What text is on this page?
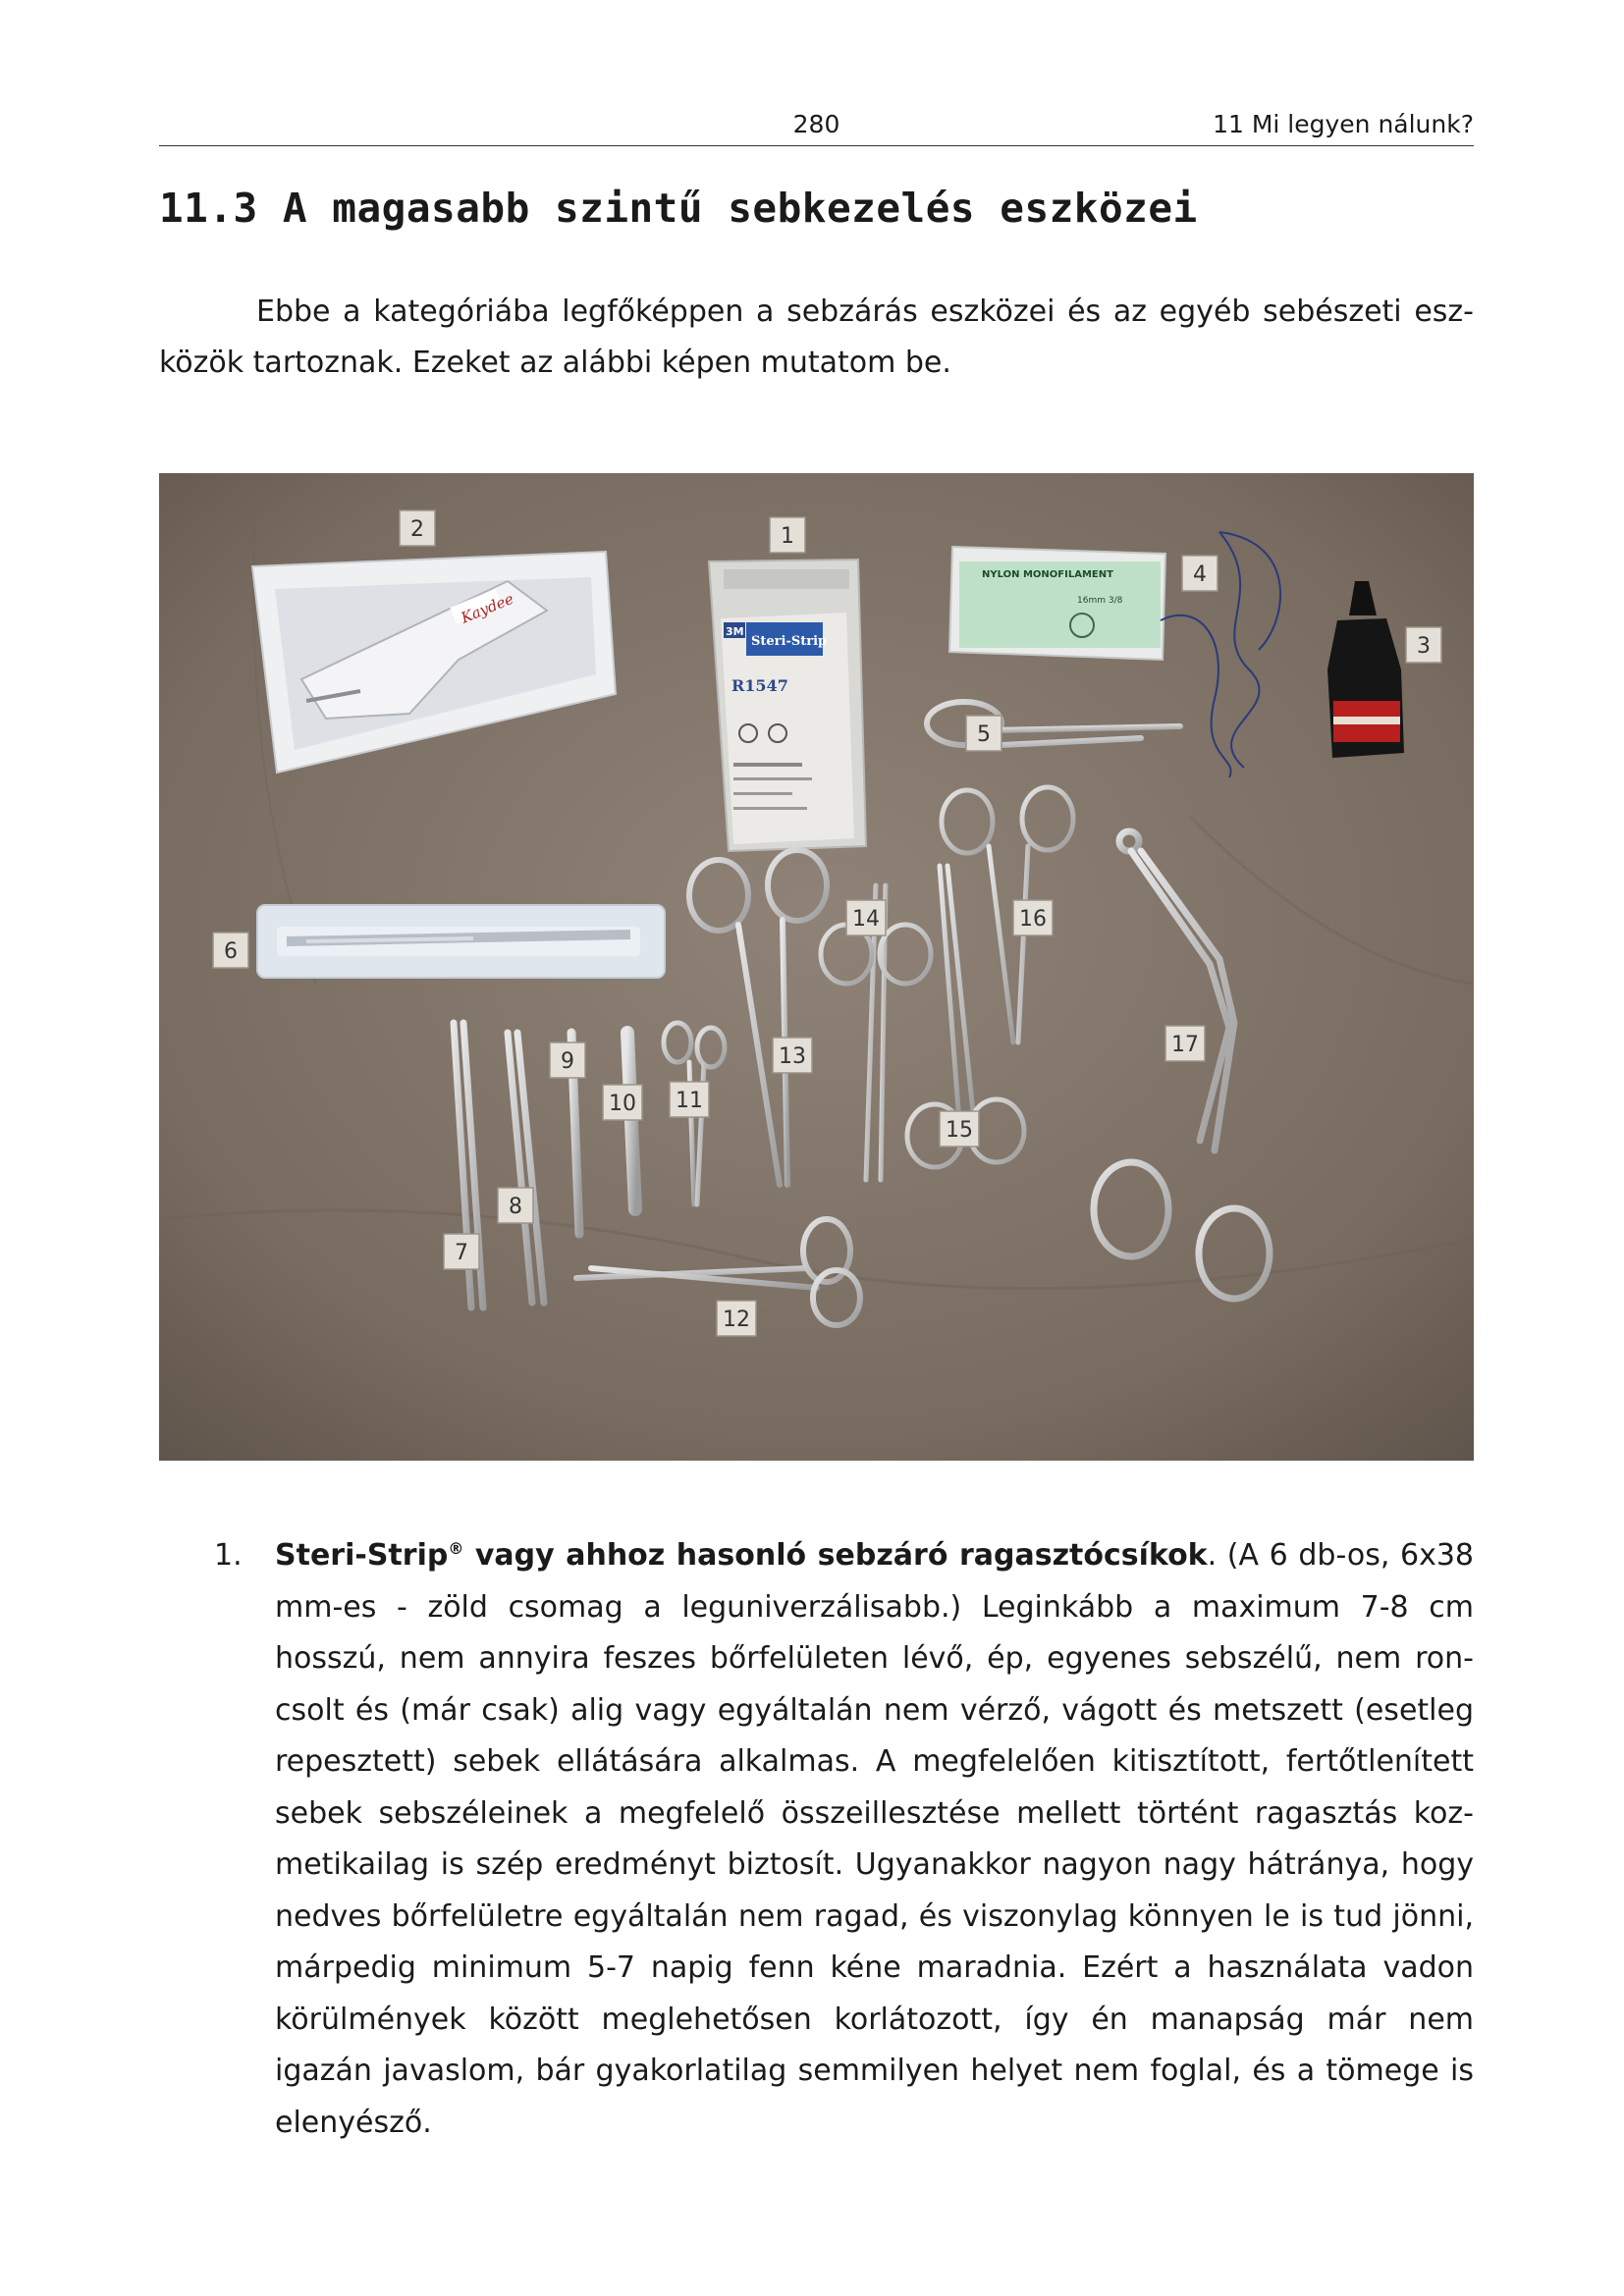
280	11 Mi legyen nálunk?
11.3 A magasabb szintű sebkezelés eszközei

Ebbe a kategóriába legfőképpen a sebzárás eszközei és az egyéb sebészeti eszközök tartoznak. Ezeket az alábbi képen mutatom be.

Kaydee
3M
Steri-Strip
R1547
NYLON MONOFILAMENT
16mm 3/8
1
2
3
4
5
6
7
8
9
10 11
12
13
14
15
16
17
1. Steri-Strip® vagy ahhoz hasonló sebzáró ragasztócsíkok. (A 6 db-os, 6x38 mm-es - zöld csomag a leguniverzálisabb.) Leginkább a maximum 7-8 cm hosszú, nem annyira feszes bőrfelületen lévő, ép, egyenes sebszélű, nem roncsolt és (már csak) alig vagy egyáltalán nem vérző, vágott és metszett (esetleg repesztett) sebek ellátására alkalmas. A megfelelően kitisztított, fertőtlenített sebek sebszéleinek a megfelelő összeillesztése mellett történt ragasztás kozmetikailag is szép eredményt biztosít. Ugyanakkor nagyon nagy hátránya, hogy nedves bőrfelületre egyáltalán nem ragad, és viszonylag könnyen le is tud jönni, márpedig minimum 5-7 napig fenn kéne maradnia. Ezért a használata vadon körülmények között meglehetősen korlátozott, így én manapság már nem igazán javaslom, bár gyakorlatilag semmilyen helyet nem foglal, és a tömege is elenyésző.
